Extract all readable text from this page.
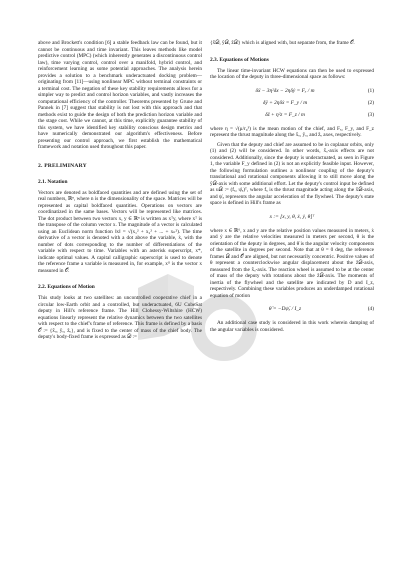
above and Brockett's condition [6] a stable feedback law can be found, but it cannot be continuous and time invariant. This leaves methods like model predictive control (MPC) (which inherently generates a discontinuous control law), time varying control, control over a manifold, hybrid control, and reinforcement learning as some potential approaches. The analysis herein provides a solution to a benchmark underactuated docking problem—originating from [11]—using nonlinear MPC without terminal constraints or a terminal cost. The negation of these key stability requirements allows for a simpler way to predict and control horizon variables, and vastly increases the computational efficiency of the controller. Theorems presented by Grune and Pannek in [7] suggest that stability is not lost with this approach and that methods exist to guide the design of both the prediction horizon variable and the stage cost. While we cannot, at this time, explicitly guarantee stability of this system, we have identified key stability conscious design metrics and have numerically demonstrated our algorithm's effectiveness. Before presenting our control approach, we first establish the mathematical framework and notation used throughout this paper.

2. PRELIMINARY
2.1. Notation

Vectors are denoted as boldfaced quantities and are defined using the set of real numbers, ℝⁿ, where n is the dimensionality of the space. Matrices will be represented as capital boldfaced quantities. Operations on vectors are coordinatized in the same bases. Vectors will be represented like matrices. The dot product between two vectors x, y ∈ ℝⁿ is written as xᵀy, where xᵀ is the transpose of the column vector x. The magnitude of a vector is calculated using an Euclidean norm function ‖x‖ = √(x₁² + x₂² + ... + xₙ²). The time derivative of a vector is denoted with a dot above the variable, ẋ, with the number of dots corresponding to the number of differentiations of the variable with respect to time. Variables with an asterisk superscript, x*, indicate optimal values. A capital calligraphic superscript is used to denote the reference frame a variable is measured in, for example, xᴼ is the vector x measured in 𝒪.

2.2. Equations of Motion

This study looks at two satellites: an uncontrolled cooperative chief in a circular low-Earth orbit and a controlled, but underactuated, 6U CubeSat deputy in Hill's reference frame. The Hill Clohessy-Wiltshire (HCW) equations linearly represent the relative dynamics between the two satellites with respect to the chief's frame of reference. This frame is defined by a basis 𝒪 := {x̂ₒ, ŷₒ, ẑₒ}, and is fixed to the center of mass of the chief body. The deputy's body-fixed frame is expressed as 𝒟 :=

{x̂𝒟, ŷ𝒟, ẑ𝒟} which is aligned with, but separate from, the frame 𝒪.

2.3. Equations of Motions

The linear time-invariant HCW equations can then be used to expressed the location of the deputy in three-dimensional space as follows:

δẍ − 3η²δx − 2ηδẏ = Fₓ / m	(1)
δÿ + 2ηδẋ = F_y / m	(2)
δz̈ + η²z = F_z / m	(3)

where η = √(μ/r₀³) is the mean motion of the chief, and Fₓ, F_y, and F_z represent the thrust magnitude along the x̂ₒ, ŷₒ, and ẑₒ axes, respectively.

Given that the deputy and chief are assumed to be in coplanar orbits, only (1) and (2) will be considered. In other words, x̂ₒ-axis effects are not considered. Additionally, since the deputy is underactuated, as seen in Figure 1, the variable F_y defined in (2) is not an explicitly feasible input. However, the following formulation outlines a nonlinear coupling of the deputy's translational and rotational components allowing it to still move along the ŷ𝒟-axis with some additional effort. Let the deputy's control input be defined as u𝒟 := (fₓ, ψ̇ₓ)ᵀ, where fₓ is the thrust magnitude acting along the x̂𝒟-axis, and ψ̇ₓ represents the angular acceleration of the flywheel. The deputy's state space is defined in Hill's frame as

x := [x, y, θ, ẋ, ẏ, θ̇]ᵀ

where x ∈ ℝ⁶, x and y are the relative position values measured in meters, ẋ and ẏ are the relative velocities measured in meters per second, θ is the orientation of the deputy in degrees, and θ̇ is the angular velocity components of the satellite in degrees per second. Note that at θ = 0 deg, the reference frames 𝒟 and 𝒪 are aligned, but not necessarily concentric. Positive values of θ represent a counterclockwise angular displacement about the ẑ𝒟-axis, measured from the x̂ₒ-axis. The reaction wheel is assumed to be at the center of mass of the deputy with rotations about the ẑ𝒟-axis. The moments of inertia of the flywheel and the satellite are indicated by D and I_z, respectively. Combining these variables produces an underdamped rotational equation of motion

θ̈ = −Dψ̈ₓ / I_z	(4)

An additional case study is considered in this work wherein damping of the angular variables is considered.
